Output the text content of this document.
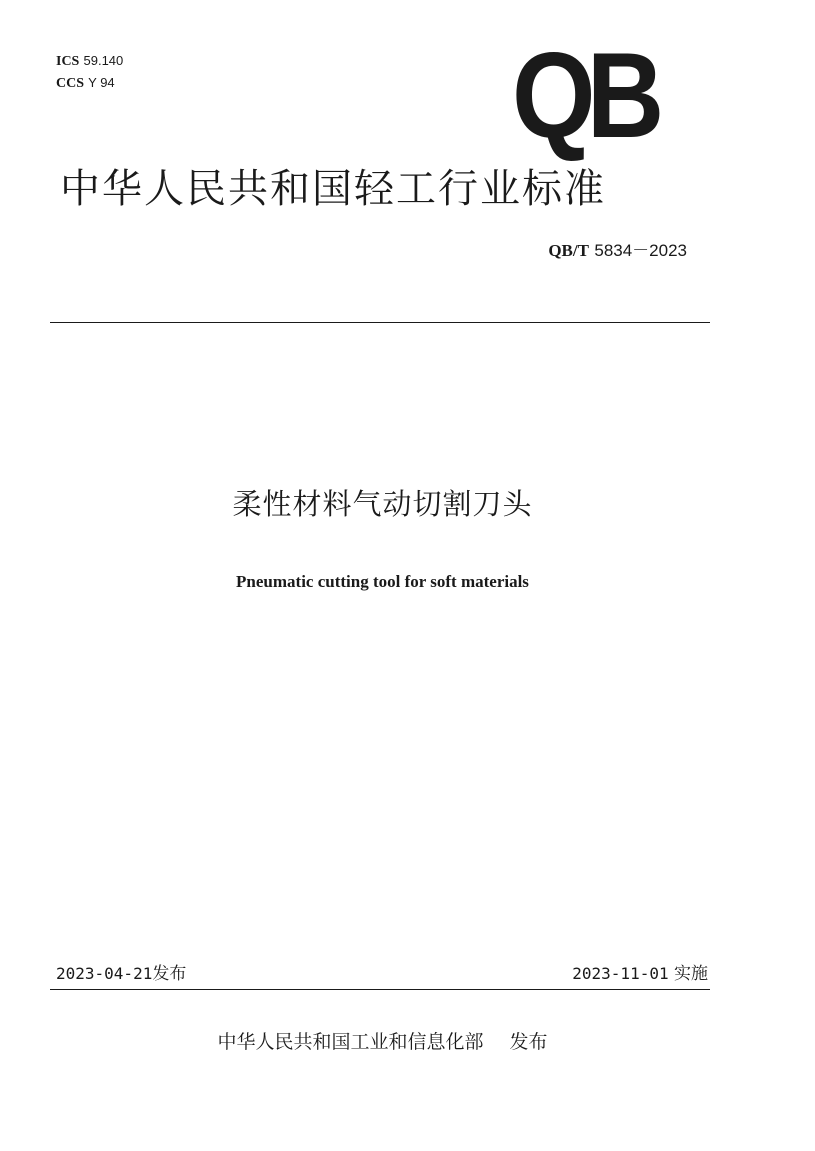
ICS 59.140
CCS Y 94	QB
中华人民共和国轻工行业标准
QB/T 5834－2023
柔性材料气动切割刀头
Pneumatic cutting tool for soft materials
2023-04-21发布	2023-11-01 实施
中华人民共和国工业和信息化部 发布
